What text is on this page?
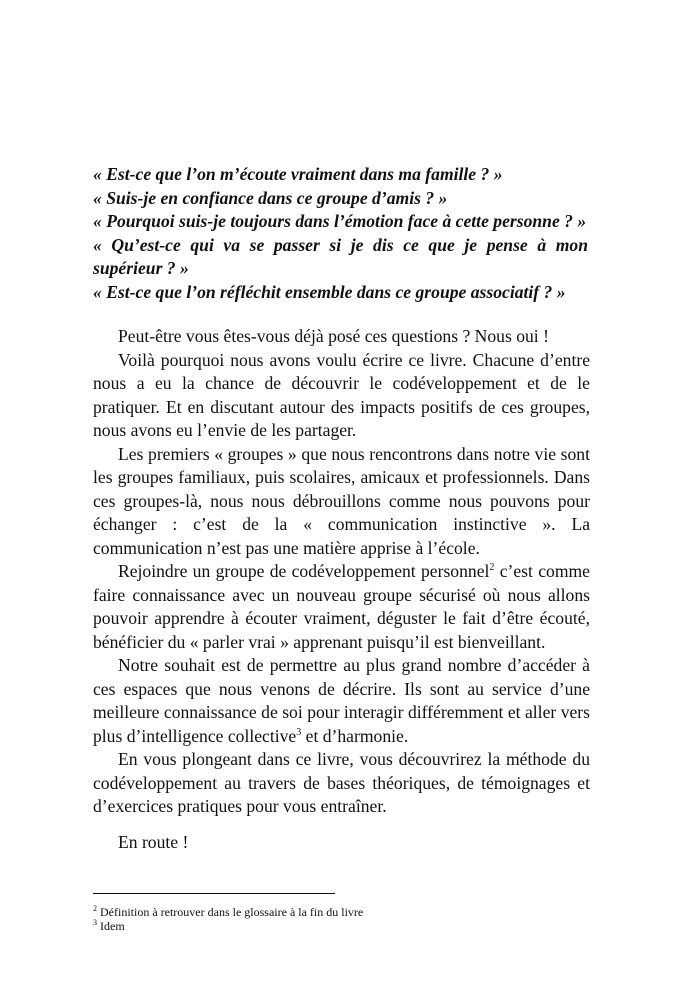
« Est-ce que l’on m’écoute vraiment dans ma famille ? »
« Suis-je en confiance dans ce groupe d’amis ? »
« Pourquoi suis-je toujours dans l’émotion face à cette personne ? »
« Qu’est-ce qui va se passer si je dis ce que je pense à mon
supérieur ? »
« Est-ce que l’on réfléchit ensemble dans ce groupe associatif ? »

Peut-être vous êtes-vous déjà posé ces questions ? Nous oui !

Voilà pourquoi nous avons voulu écrire ce livre. Chacune d’entre nous a eu la chance de découvrir le codéveloppement et de le pratiquer. Et en discutant autour des impacts positifs de ces groupes, nous avons eu l’envie de les partager.

Les premiers « groupes » que nous rencontrons dans notre vie sont les groupes familiaux, puis scolaires, amicaux et professionnels. Dans ces groupes-là, nous nous débrouillons comme nous pouvons pour échanger : c’est de la « communication instinctive ». La communication n’est pas une matière apprise à l’école.

Rejoindre un groupe de codéveloppement personnel$^2$ c’est comme faire connaissance avec un nouveau groupe sécurisé où nous allons pouvoir apprendre à écouter vraiment, déguster le fait d’être écouté, bénéficier du « parler vrai » apprenant puisqu’il est bienveillant.

Notre souhait est de permettre au plus grand nombre d’accéder à ces espaces que nous venons de décrire. Ils sont au service d’une meilleure connaissance de soi pour interagir différemment et aller vers plus d’intelligence collective$^3$ et d’harmonie.

En vous plongeant dans ce livre, vous découvrirez la méthode du codéveloppement au travers de bases théoriques, de témoignages et d’exercices pratiques pour vous entraîner.

En route !

$^2$ Définition à retrouver dans le glossaire à la fin du livre
$^3$ Idem
